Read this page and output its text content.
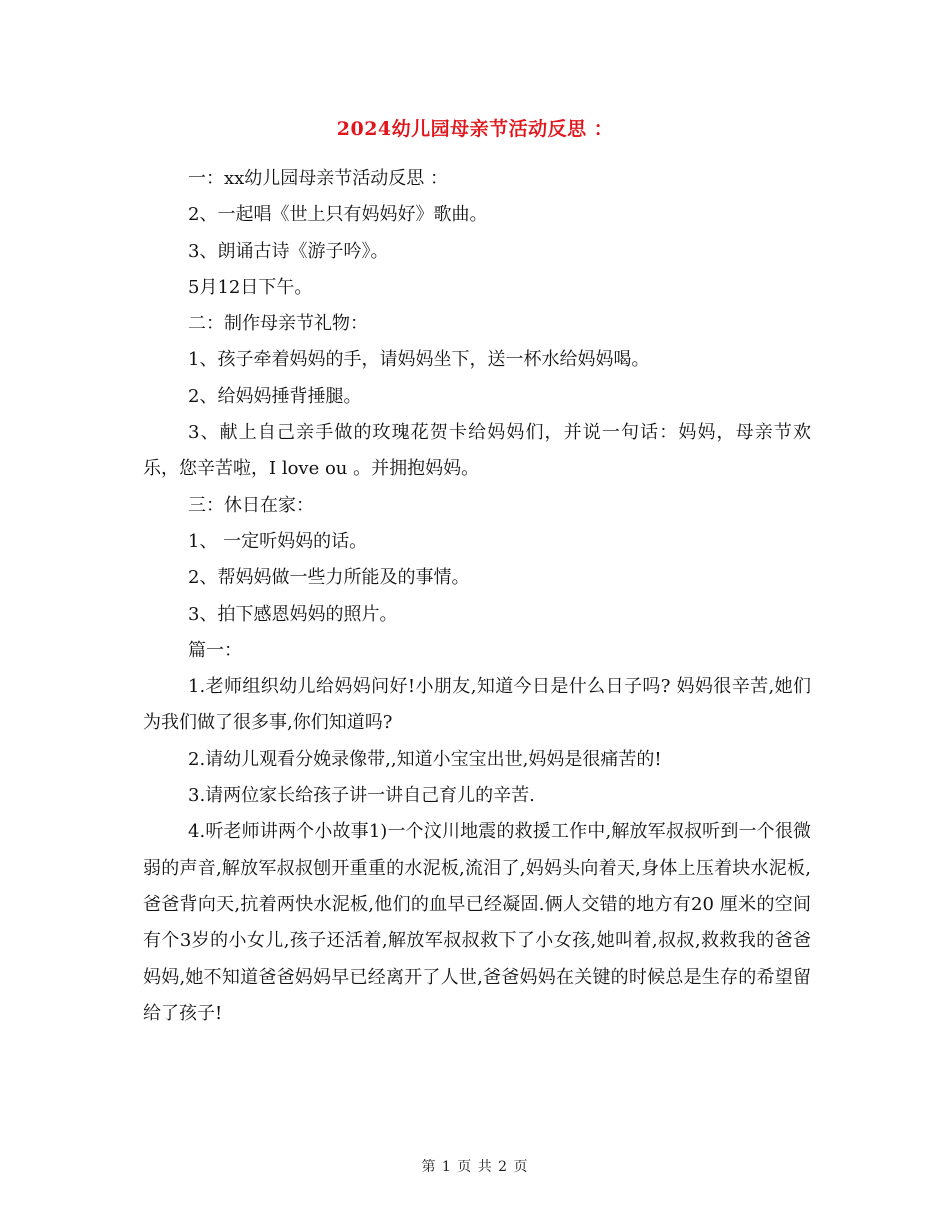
2024幼儿园母亲节活动反思 ：

一：xx幼儿园母亲节活动反思 ：

2、一起唱《世上只有妈妈好》歌曲。

3、朗诵古诗《游子吟》。

5月12日下午。

二：制作母亲节礼物：

1、孩子牵着妈妈的手，请妈妈坐下，送一杯水给妈妈喝。

2、给妈妈捶背捶腿。

3、献上自己亲手做的玫瑰花贺卡给妈妈们，并说一句话：妈妈，母亲节欢乐，您辛苦啦，I love ou 。并拥抱妈妈。

三：休日在家：

1、 一定听妈妈的话。

2、帮妈妈做一些力所能及的事情。

3、拍下感恩妈妈的照片。

篇一：

1.老师组织幼儿给妈妈问好!小朋友,知道今日是什么日子吗? 妈妈很辛苦,她们为我们做了很多事,你们知道吗?

2.请幼儿观看分娩录像带,,知道小宝宝出世,妈妈是很痛苦的!

3.请两位家长给孩子讲一讲自己育儿的辛苦.

4.听老师讲两个小故事1)一个汶川地震的救援工作中,解放军叔叔听到一个很微弱的声音,解放军叔叔刨开重重的水泥板,流泪了,妈妈头向着天,身体上压着块水泥板,爸爸背向天,抗着两快水泥板,他们的血早已经凝固.俩人交错的地方有20 厘米的空间有个3岁的小女儿,孩子还活着,解放军叔叔救下了小女孩,她叫着,叔叔,救救我的爸爸妈妈,她不知道爸爸妈妈早已经离开了人世,爸爸妈妈在关键的时候总是生存的希望留给了孩子!

第 1 页 共 2 页
